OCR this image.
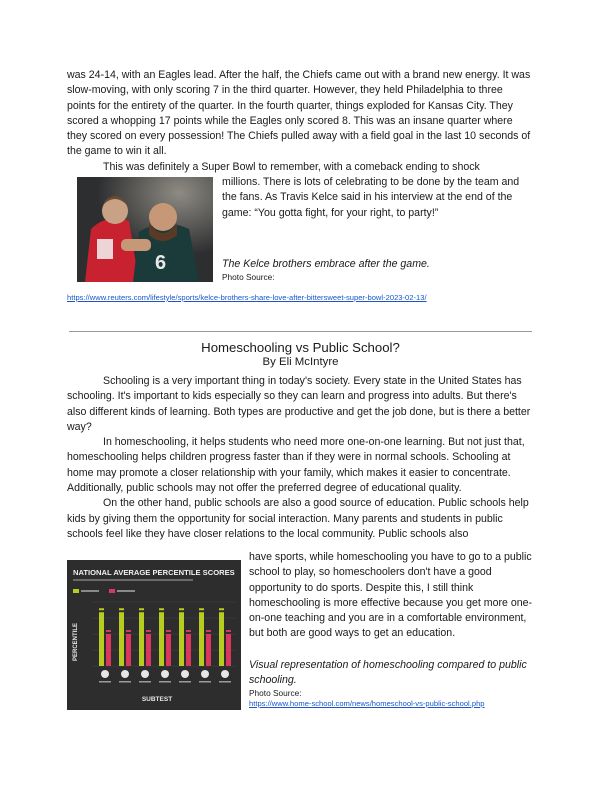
was 24-14, with an Eagles lead. After the half, the Chiefs came out with a brand new energy. It was slow-moving, with only scoring 7 in the third quarter. However, they held Philadelphia to three points for the entirety of the quarter. In the fourth quarter, things exploded for Kansas City. They scored a whopping 17 points while the Eagles only scored 8. This was an insane quarter where they scored on every possession! The Chiefs pulled away with a field goal in the last 10 seconds of the game to win it all.
This was definitely a Super Bowl to remember, with a comeback ending to shock
6
millions. There is lots of celebrating to be done by the team and the fans. As Travis Kelce said in his interview at the end of the game: “You gotta fight, for your right, to party!”
The Kelce brothers embrace after the game.
Photo Source:
https://www.reuters.com/lifestyle/sports/kelce-brothers-share-love-after-bittersweet-super-bowl-2023-02-13/
Homeschooling vs Public School?
By Eli McIntyre

Schooling is a very important thing in today's society. Every state in the United States has schooling. It's important to kids especially so they can learn and progress into adults. But there's also different kinds of learning. Both types are productive and get the job done, but is there a better way?

In homeschooling, it helps students who need more one-on-one learning. But not just that, homeschooling helps children progress faster than if they were in normal schools. Schooling at home may promote a closer relationship with your family, which makes it easier to concentrate. Additionally, public schools may not offer the preferred degree of educational quality.

On the other hand, public schools are also a good source of education. Public schools help kids by giving them the opportunity for social interaction. Many parents and students in public schools feel like they have closer relations to the local community. Public schools also

NATIONAL AVERAGE PERCENTILE SCORES
PERCENTILE
SUBTEST
have sports, while homeschooling you have to go to a public school to play, so homeschoolers don't have a good opportunity to do sports. Despite this, I still think homeschooling is more effective because you get more one-on-one teaching and you are in a comfortable environment, but both are good ways to get an education.
Visual representation of homeschooling compared to public schooling.
Photo Source:
https://www.home-school.com/news/homeschool-vs-public-school.php
